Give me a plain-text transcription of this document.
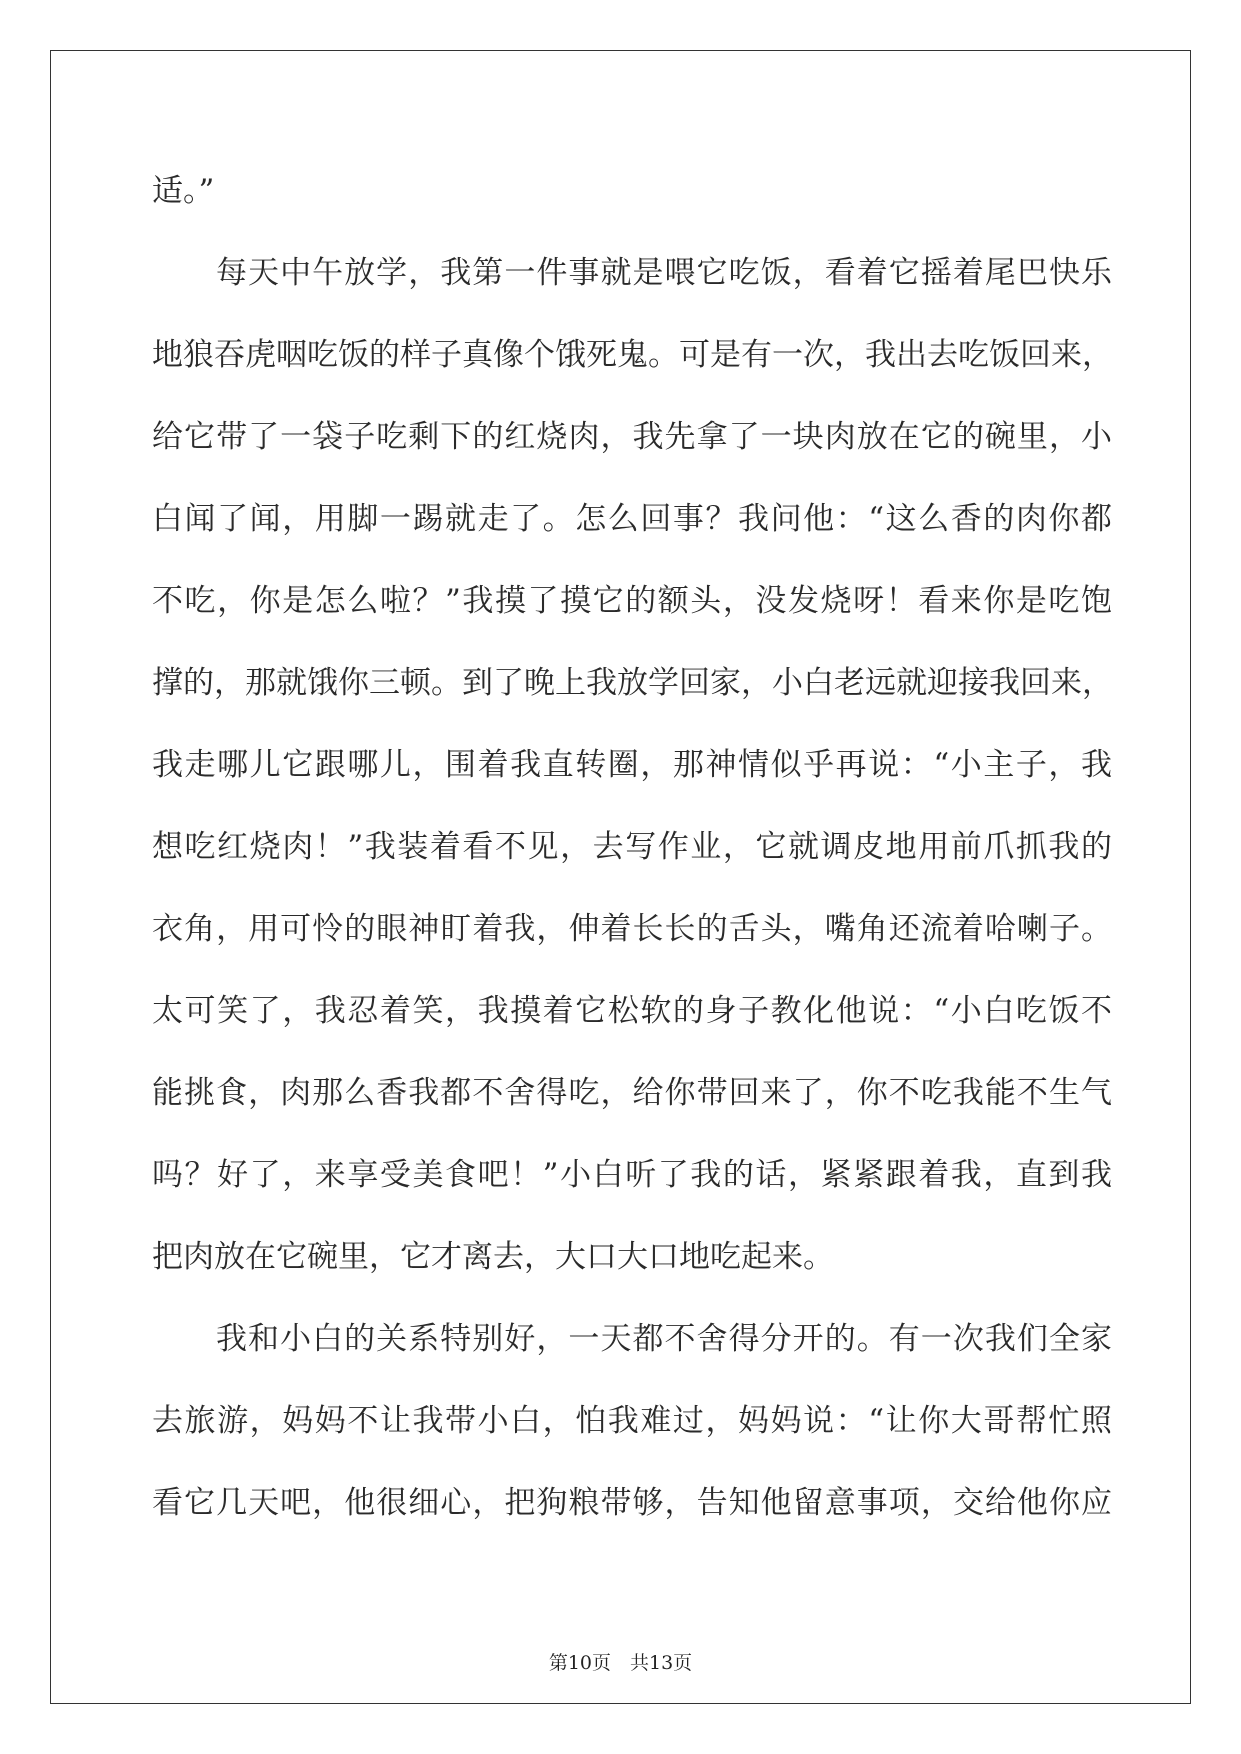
适。”
每天中午放学，我第一件事就是喂它吃饭，看着它摇着尾巴快乐
地狼吞虎咽吃饭的样子真像个饿死鬼。可是有一次，我出去吃饭回来，
给它带了一袋子吃剩下的红烧肉，我先拿了一块肉放在它的碗里，小
白闻了闻，用脚一踢就走了。怎么回事？我问他：“这么香的肉你都
不吃，你是怎么啦？”我摸了摸它的额头，没发烧呀！看来你是吃饱
撑的，那就饿你三顿。到了晚上我放学回家，小白老远就迎接我回来，
我走哪儿它跟哪儿，围着我直转圈，那神情似乎再说：“小主子，我
想吃红烧肉！”我装着看不见，去写作业，它就调皮地用前爪抓我的
衣角，用可怜的眼神盯着我，伸着长长的舌头，嘴角还流着哈喇子。
太可笑了，我忍着笑，我摸着它松软的身子教化他说：“小白吃饭不
能挑食，肉那么香我都不舍得吃，给你带回来了，你不吃我能不生气
吗？好了，来享受美食吧！”小白听了我的话，紧紧跟着我，直到我
把肉放在它碗里，它才离去，大口大口地吃起来。
我和小白的关系特别好，一天都不舍得分开的。有一次我们全家
去旅游，妈妈不让我带小白，怕我难过，妈妈说：“让你大哥帮忙照
看它几天吧，他很细心，把狗粮带够，告知他留意事项，交给他你应
第10页　共13页
